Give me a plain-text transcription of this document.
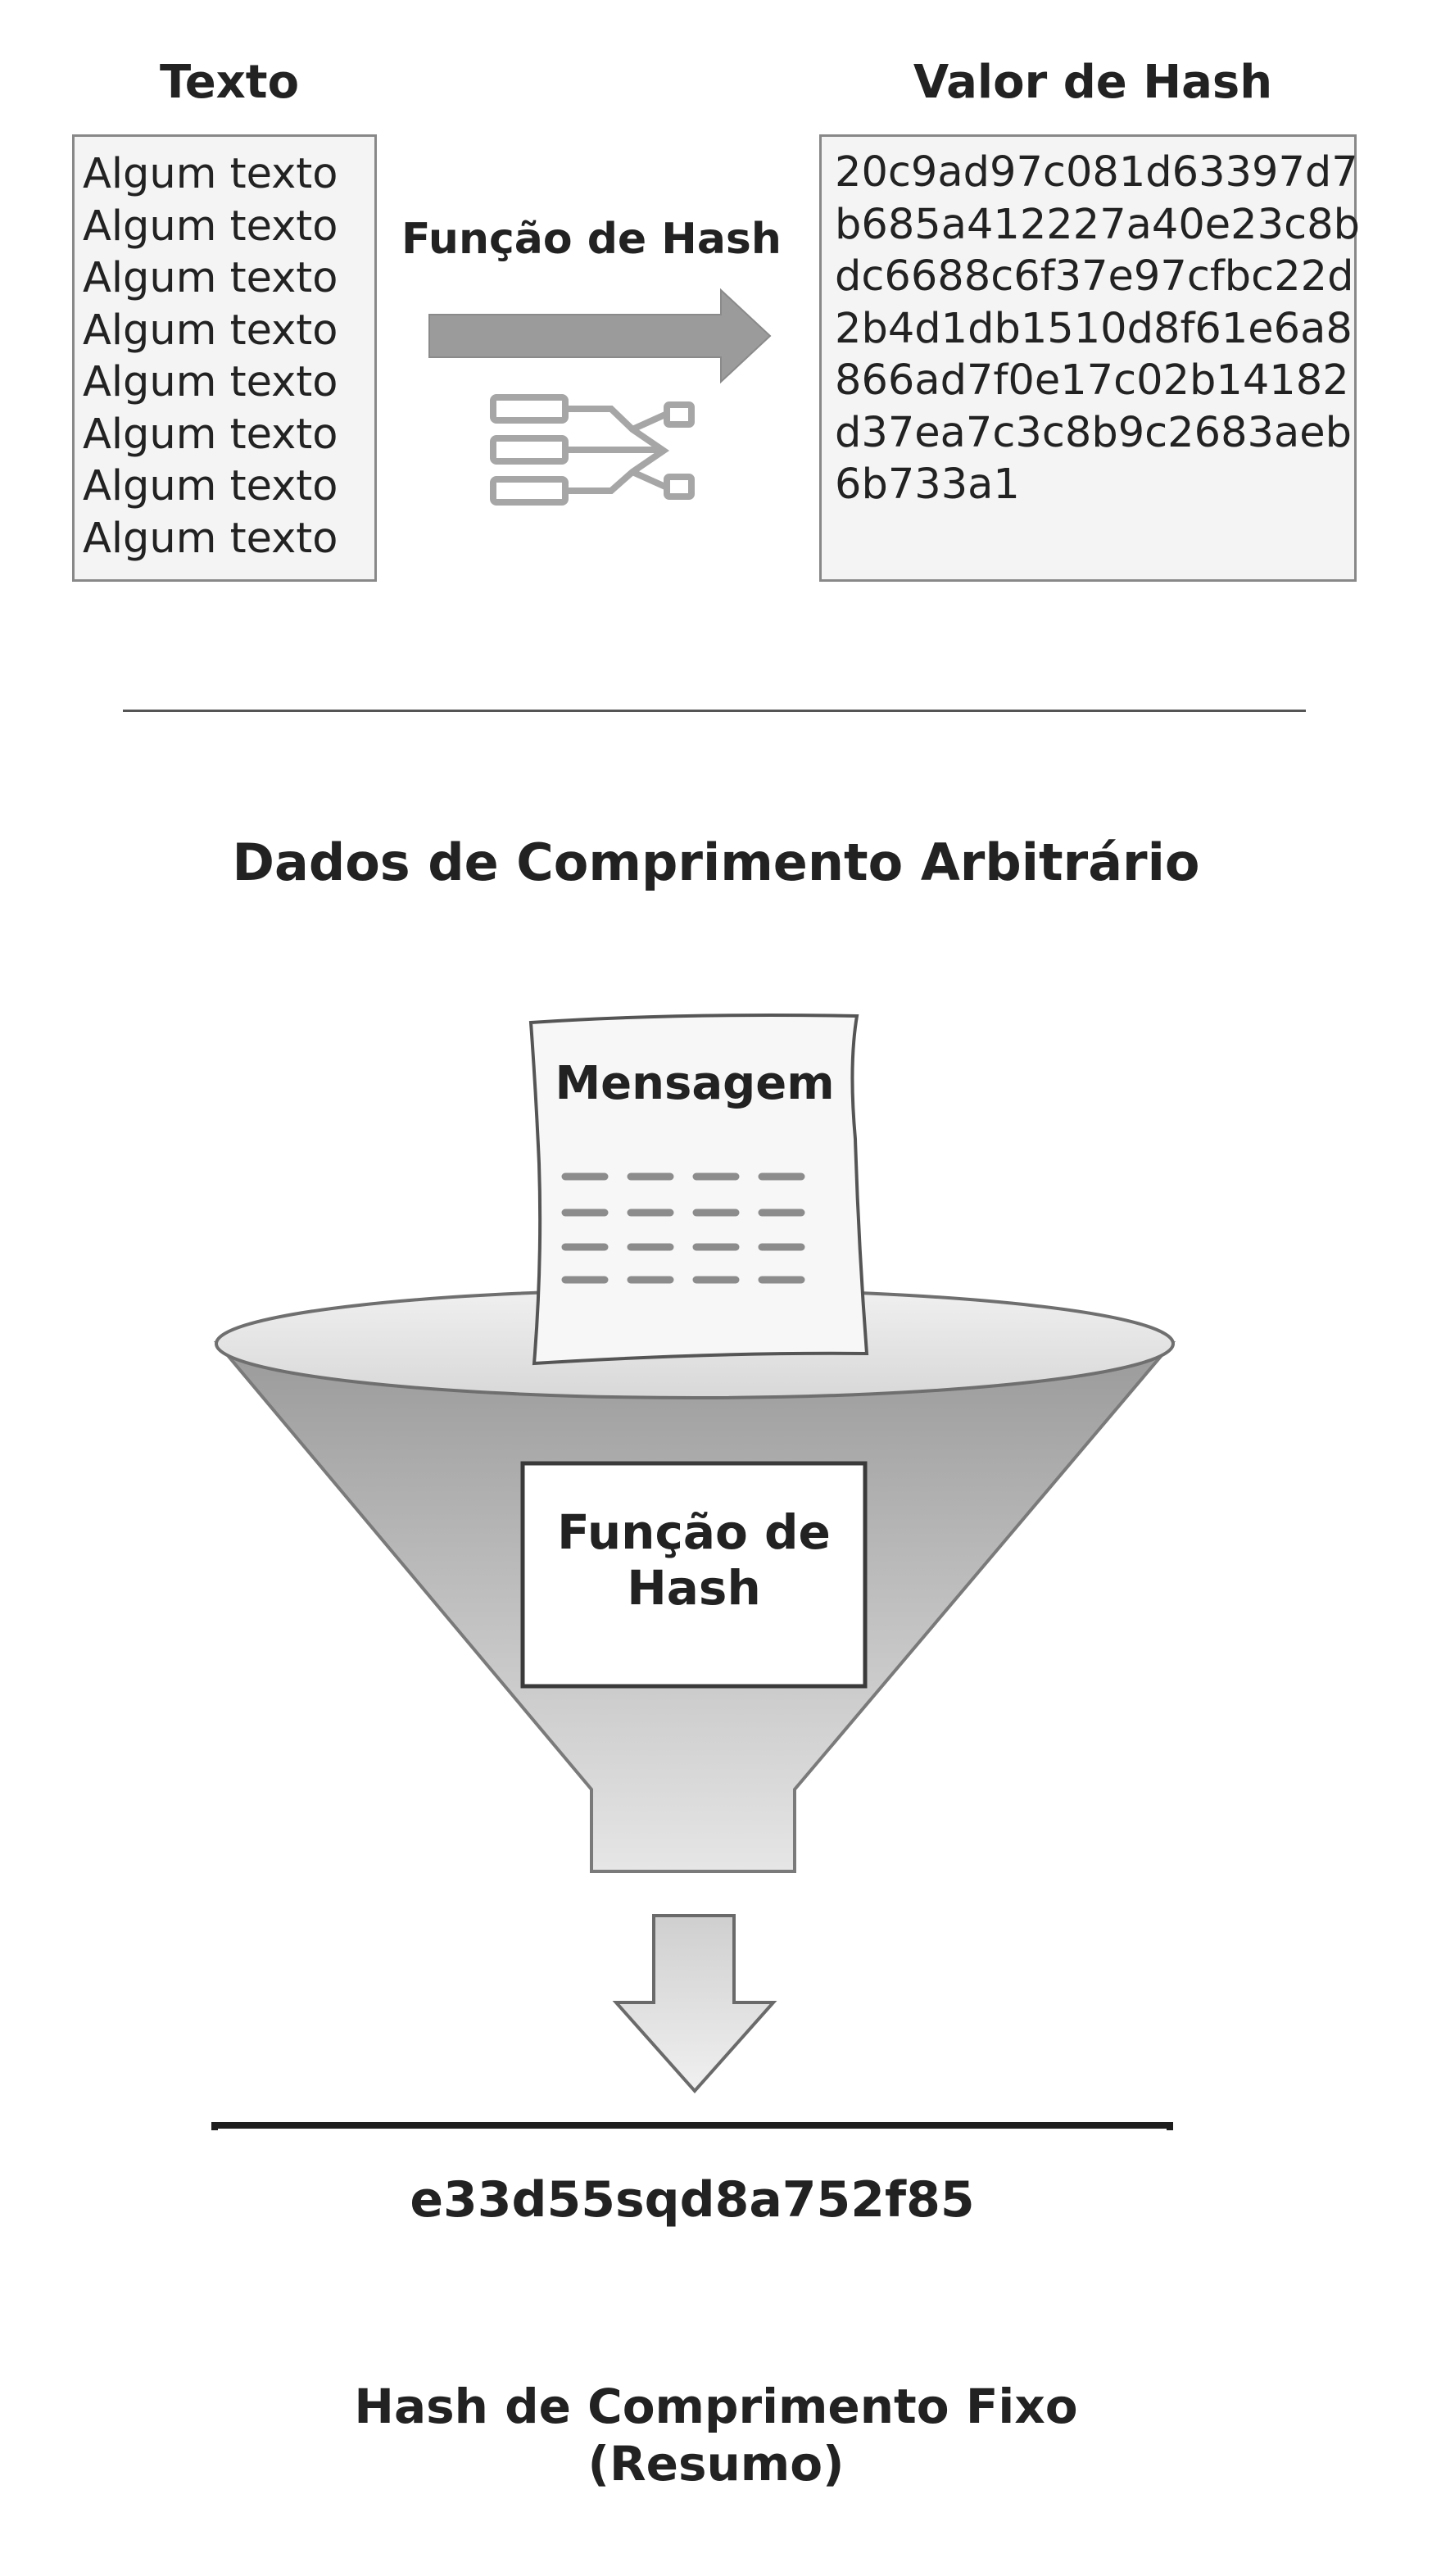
Texto
Algum texto
Algum texto
Algum texto
Algum texto
Algum texto
Algum texto
Algum texto
Algum texto
Valor de Hash
20c9ad97c081d63397d7
b685a412227a40e23c8b
dc6688c6f37e97cfbc22d
2b4d1db1510d8f61e6a8
866ad7f0e17c02b14182
d37ea7c3c8b9c2683aeb
6b733a1
Função de Hash
Dados de Comprimento Arbitrário
Mensagem
Função de
Hash
e33d55sqd8a752f85
Hash de Comprimento Fixo
(Resumo)
